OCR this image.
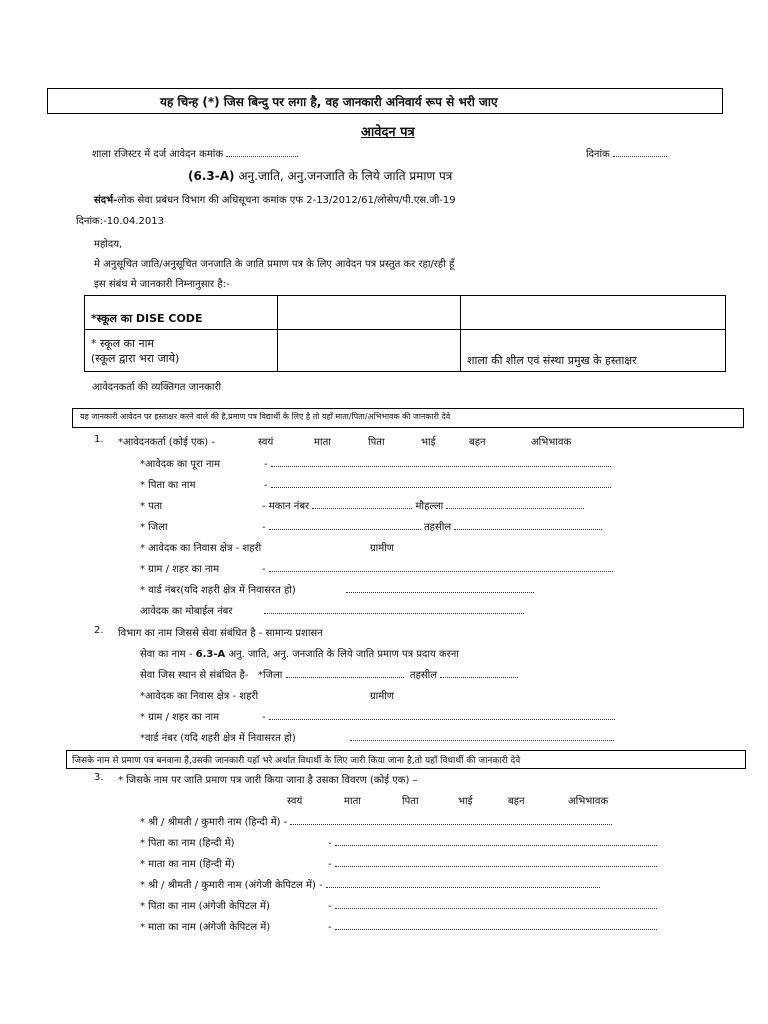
यह चिन्ह (*) जिस बिन्दु पर लगा है, वह जानकारी अनिवार्य रूप से भरी जाए
आवेदन पत्र
शाला रजिस्टर में दर्ज आवेदन कमांक	दिनांक
(6.3-A) अनु.जाति, अनु.जनजाति के लिये जाति प्रमाण पत्र
संदर्भ-लोक सेवा प्रबंधन विभाग की अधिसूचना कमांक एफ 2-13/2012/61/लोसेप/पी.एस.जी-19
दिनांक:-10.04.2013
महोदय,
मे अनुसूचित जाति/अनुसूचित जनजाति के जाति प्रमाण पत्र के लिए आवेदन पत्र प्रस्तुत कर रहा/रही हूँ
इस संबंध मे जानकारी निम्नानुसार है:-
*स्कूल का DISE CODE		

* स्कूल का नाम
(स्कूल द्वारा भरा जाये)		शाला की शील एवं संस्था प्रमुख के हस्ताक्षर
आवेदनकर्ता की व्यक्तिगत जानकारी
यह जानकारी आवेदन पर हस्ताक्षर करने वाले की है,प्रमाण पत्र विद्यार्थी के लिए है तो यहाँ माता/पिता/अभिभावक की जानकारी देवे
1. *आवेदनकर्ता (कोई एक) -	स्वयं	माता	पिता	भाई	बहन	अभिभावक
*आवेदक का पूरा नाम	-
* पिता का नाम	-
* पता	- मकान नंबर	मौहल्ला
* जिला	-	तहसील
* आवेदक का निवास क्षेत्र - शहरी	ग्रामीण
* ग्राम / शहर का नाम	-
* वार्ड नंबर(यदि शहरी क्षेत्र में निवासरत हो)
आवेदक का मोबाईल नंबर
2. विभाग का नाम जिससे सेवा संबंधित है - सामान्य प्रशासन
सेवा का नाम - 6.3-A अनु. जाति, अनु. जनजाति के लिये जाति प्रमाण पत्र प्रदाय करना
सेवा जिस स्थान से संबंधित है- *जिला	तहसील
*आवेदक का निवास क्षेत्र - शहरी	ग्रामीण
* ग्राम / शहर का नाम	-
*वार्ड नंबर (यदि शहरी क्षेत्र में निवासरत हो)
जिसके नाम से प्रमाण पत्र बनवाना है,उसकी जानकारी यहाँ भरे अर्थात विधार्थी के लिए जारी किया जाना है,तो यहाँ विधार्थी की जानकारी देवे
3. * जिसके नाम पर जाति प्रमाण पत्र जारी किया जाना है उसका विवरण (कोई एक) –
स्वयं	माता	पिता	भाई	बहन	अभिभावक
* श्री / श्रीमती / कुमारी नाम (हिन्दी में) -
* पिता का नाम (हिन्दी में)	-
* माता का नाम (हिन्दी में)	-
* श्री / श्रीमती / कुमारी नाम (अंगेजी केपिटल में) -
* पिता का नाम (अंगेजी केपिटल में)	-
* माता का नाम (अंगेजी केपिटल में)	-
